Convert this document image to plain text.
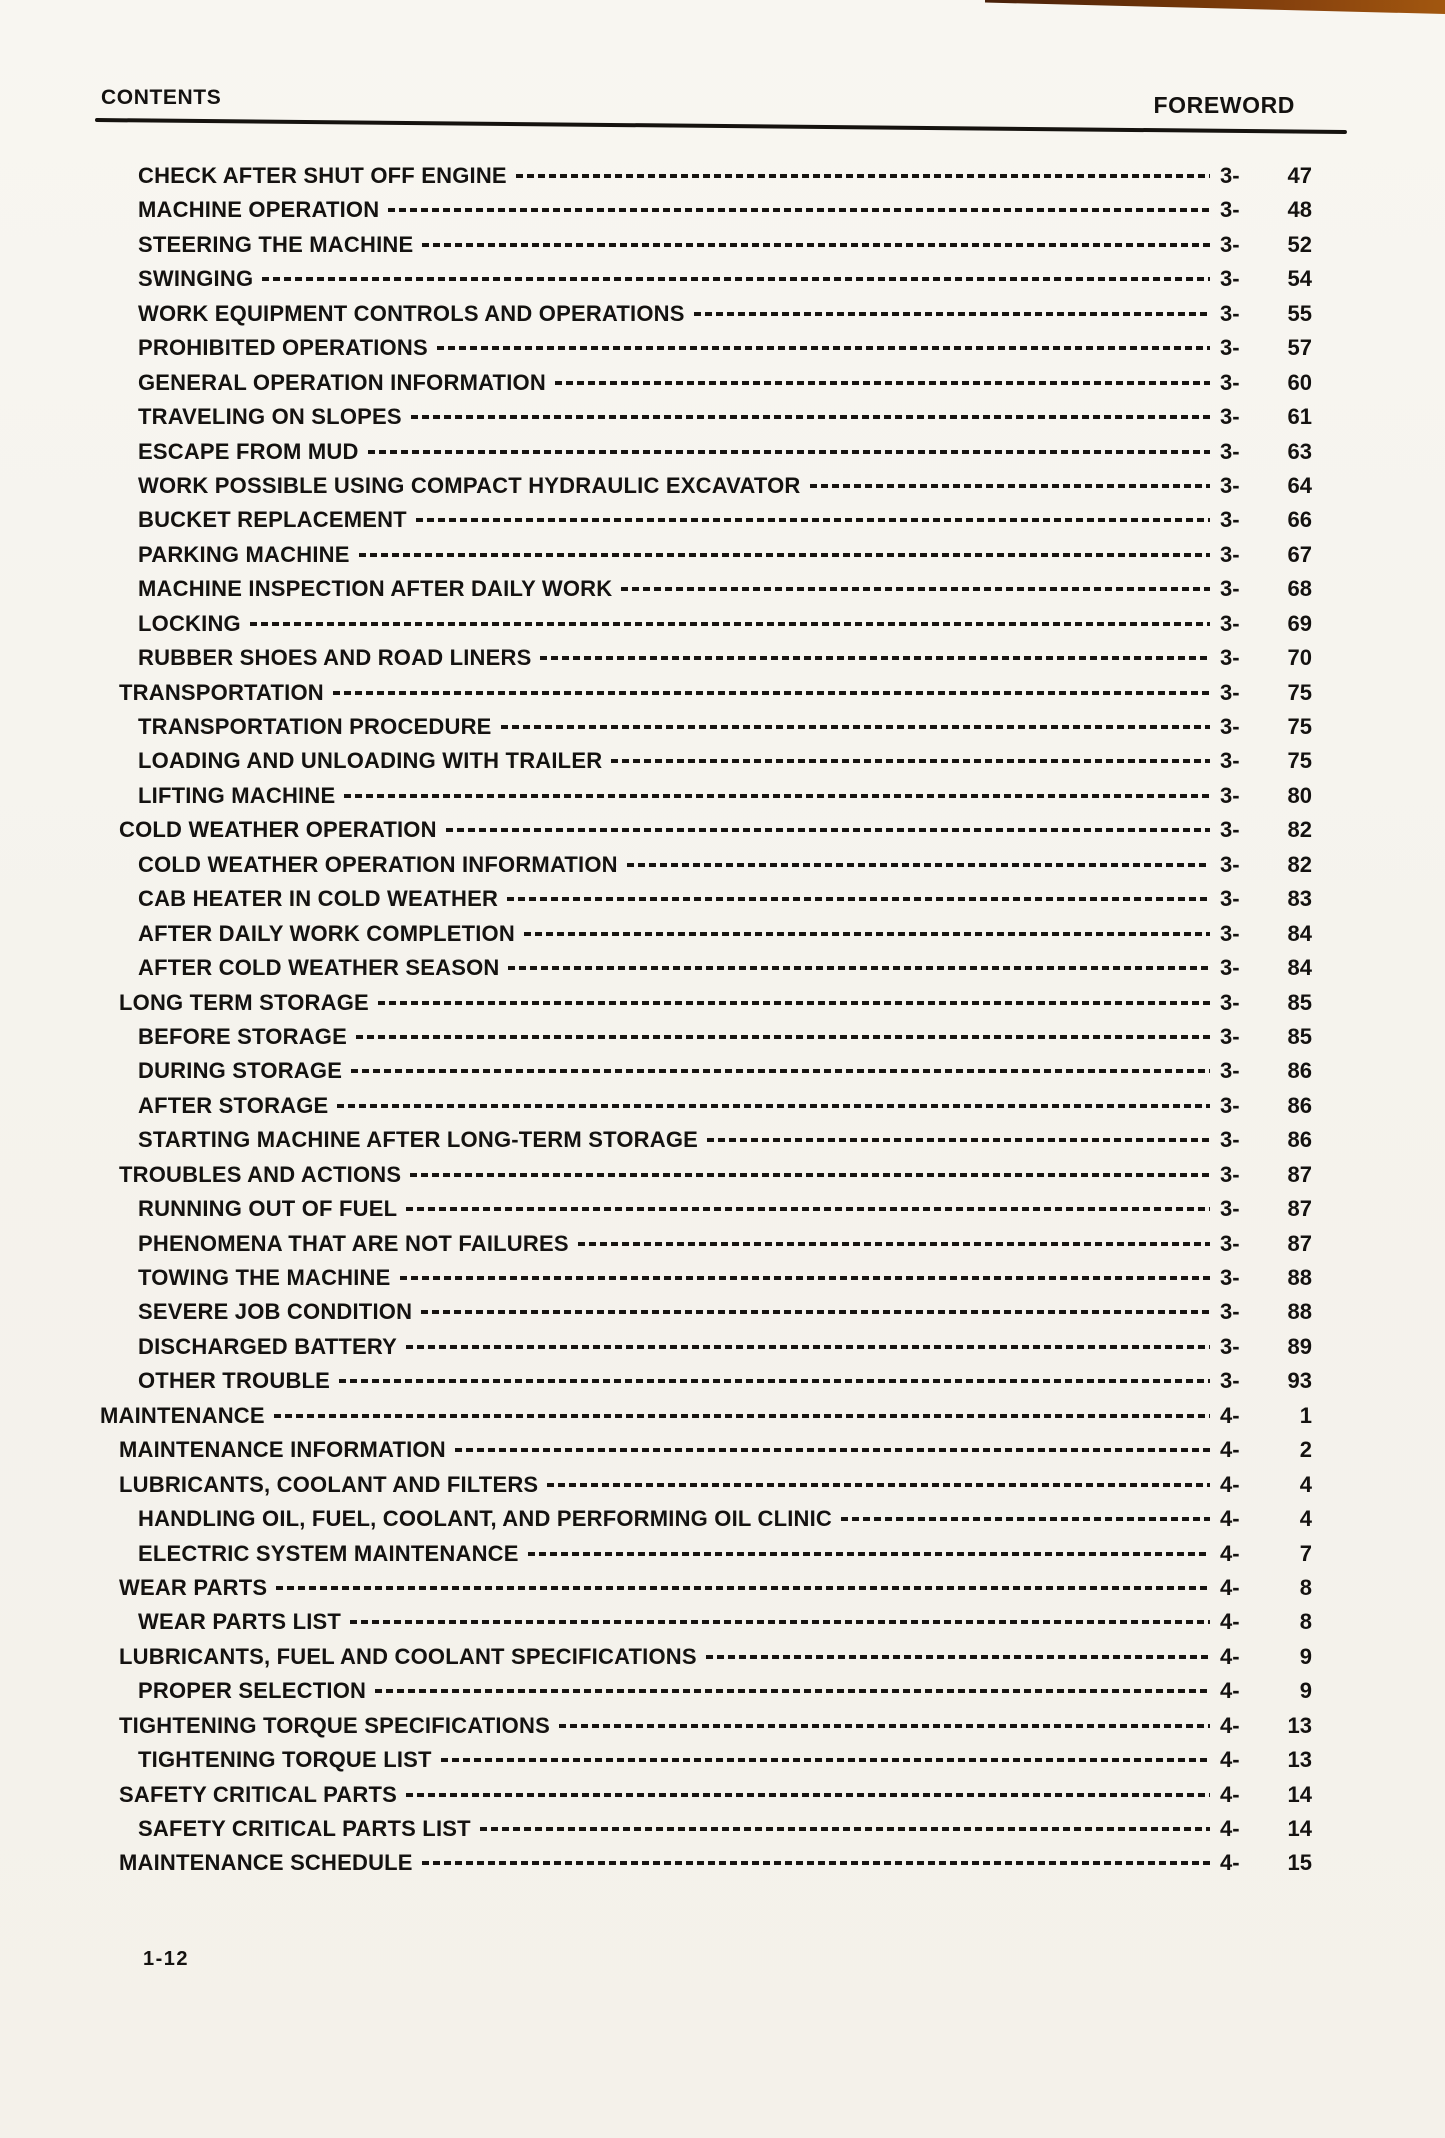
CONTENTS	FOREWORD
CHECK AFTER SHUT OFF ENGINE	3- 47
MACHINE OPERATION	3- 48
STEERING THE MACHINE	3- 52
SWINGING	3- 54
WORK EQUIPMENT CONTROLS AND OPERATIONS	3- 55
PROHIBITED OPERATIONS	3- 57
GENERAL OPERATION INFORMATION	3- 60
TRAVELING ON SLOPES	3- 61
ESCAPE FROM MUD	3- 63
WORK POSSIBLE USING COMPACT HYDRAULIC EXCAVATOR	3- 64
BUCKET REPLACEMENT	3- 66
PARKING MACHINE	3- 67
MACHINE INSPECTION AFTER DAILY WORK	3- 68
LOCKING	3- 69
RUBBER SHOES AND ROAD LINERS	3- 70
TRANSPORTATION	3- 75
TRANSPORTATION PROCEDURE	3- 75
LOADING AND UNLOADING WITH TRAILER	3- 75
LIFTING MACHINE	3- 80
COLD WEATHER OPERATION	3- 82
COLD WEATHER OPERATION INFORMATION	3- 82
CAB HEATER IN COLD WEATHER	3- 83
AFTER DAILY WORK COMPLETION	3- 84
AFTER COLD WEATHER SEASON	3- 84
LONG TERM STORAGE	3- 85
BEFORE STORAGE	3- 85
DURING STORAGE	3- 86
AFTER STORAGE	3- 86
STARTING MACHINE AFTER LONG-TERM STORAGE	3- 86
TROUBLES AND ACTIONS	3- 87
RUNNING OUT OF FUEL	3- 87
PHENOMENA THAT ARE NOT FAILURES	3- 87
TOWING THE MACHINE	3- 88
SEVERE JOB CONDITION	3- 88
DISCHARGED BATTERY	3- 89
OTHER TROUBLE	3- 93
MAINTENANCE	4-	1
MAINTENANCE INFORMATION	4-	2
LUBRICANTS, COOLANT AND FILTERS	4-	4
HANDLING OIL, FUEL, COOLANT, AND PERFORMING OIL CLINIC	4-	4
ELECTRIC SYSTEM MAINTENANCE	4-	7
WEAR PARTS	4-	8
WEAR PARTS LIST	4-	8
LUBRICANTS, FUEL AND COOLANT SPECIFICATIONS	4-	9
PROPER SELECTION	4-	9
TIGHTENING TORQUE SPECIFICATIONS	4- 13
TIGHTENING TORQUE LIST	4- 13
SAFETY CRITICAL PARTS	4- 14
SAFETY CRITICAL PARTS LIST	4- 14
MAINTENANCE SCHEDULE	4- 15
1-12
